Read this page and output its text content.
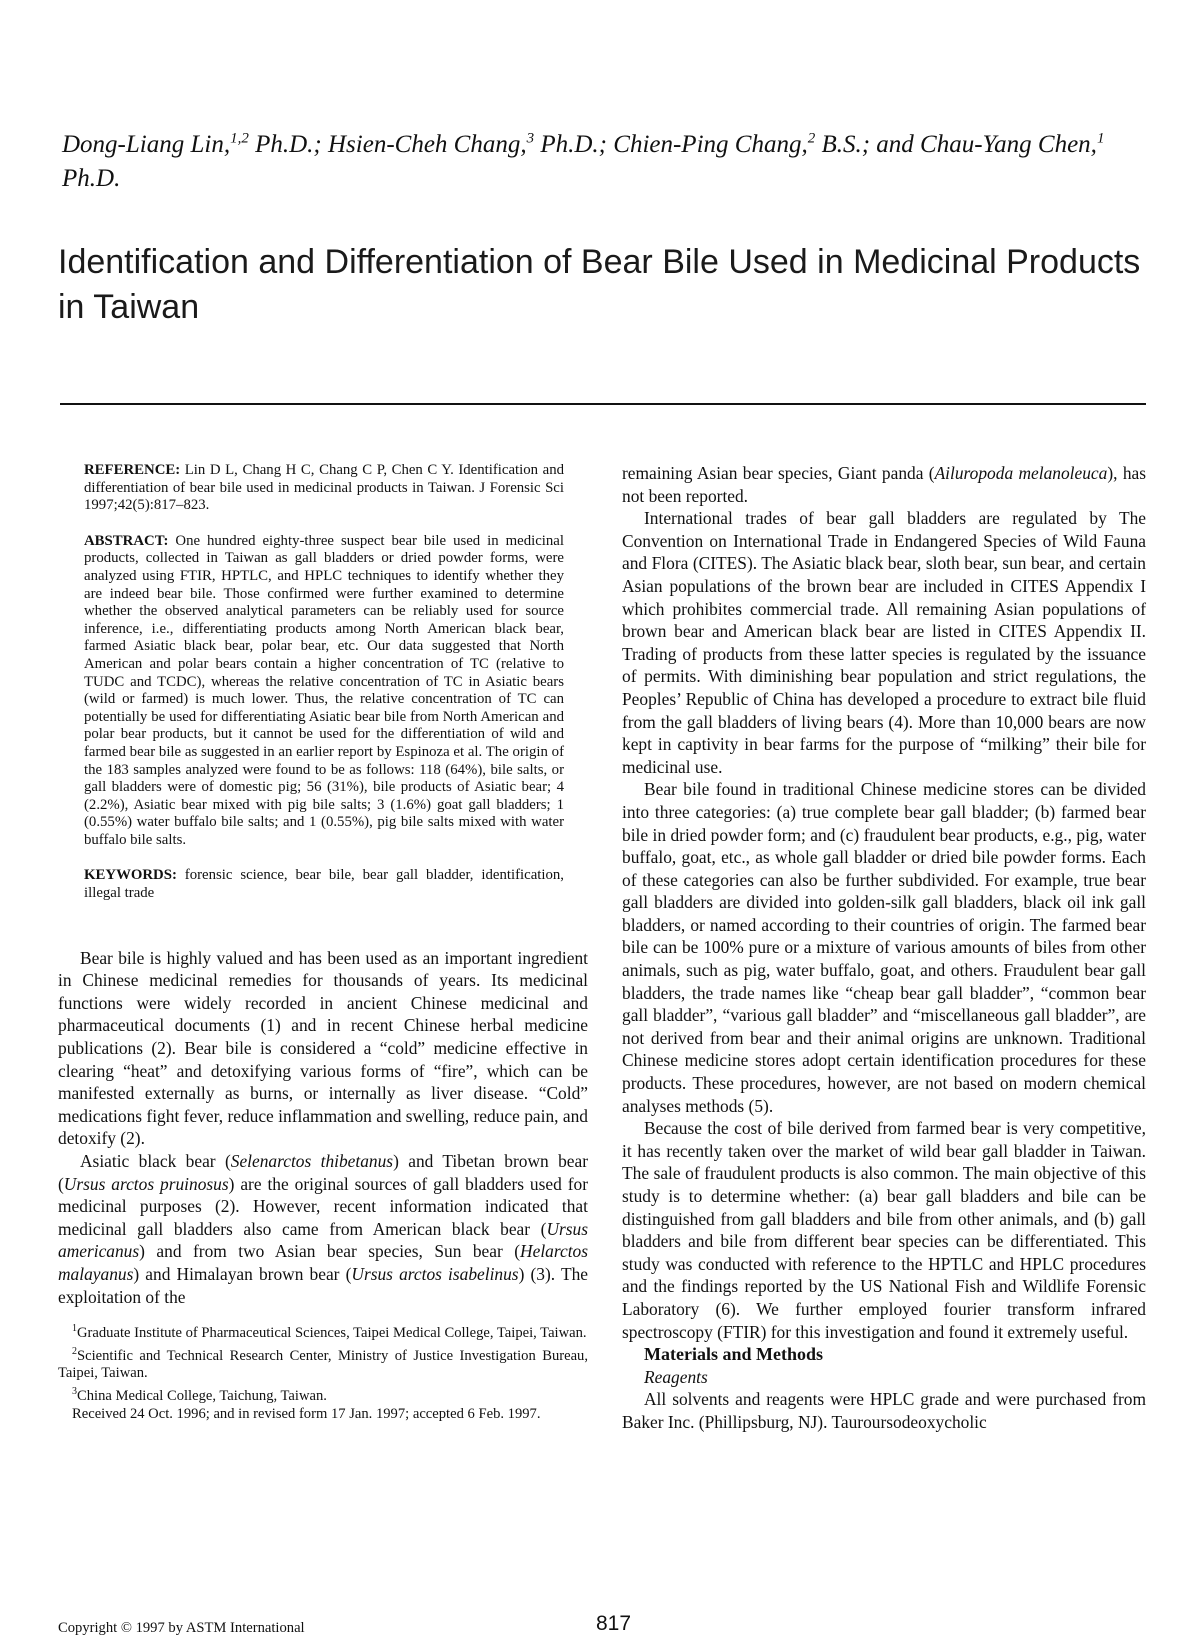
Dong-Liang Lin,$^{1,2}$ Ph.D.; Hsien-Cheh Chang,$^3$ Ph.D.; Chien-Ping Chang,$^2$ B.S.; and Chau-Yang Chen,$^1$ Ph.D.
Identification and Differentiation of Bear Bile Used in Medicinal Products in Taiwan

REFERENCE: Lin D L, Chang H C, Chang C P, Chen C Y. Identification and differentiation of bear bile used in medicinal products in Taiwan. J Forensic Sci 1997;42(5):817–823.

ABSTRACT: One hundred eighty-three suspect bear bile used in medicinal products, collected in Taiwan as gall bladders or dried powder forms, were analyzed using FTIR, HPTLC, and HPLC techniques to identify whether they are indeed bear bile. Those confirmed were further examined to determine whether the observed analytical parameters can be reliably used for source inference, i.e., differentiating products among North American black bear, farmed Asiatic black bear, polar bear, etc. Our data suggested that North American and polar bears contain a higher concentration of TC (relative to TUDC and TCDC), whereas the relative concentration of TC in Asiatic bears (wild or farmed) is much lower. Thus, the relative concentration of TC can potentially be used for differentiating Asiatic bear bile from North American and polar bear products, but it cannot be used for the differentiation of wild and farmed bear bile as suggested in an earlier report by Espinoza et al. The origin of the 183 samples analyzed were found to be as follows: 118 (64%), bile salts, or gall bladders were of domestic pig; 56 (31%), bile products of Asiatic bear; 4 (2.2%), Asiatic bear mixed with pig bile salts; 3 (1.6%) goat gall bladders; 1 (0.55%) water buffalo bile salts; and 1 (0.55%), pig bile salts mixed with water buffalo bile salts.

KEYWORDS: forensic science, bear bile, bear gall bladder, identification, illegal trade

Bear bile is highly valued and has been used as an important ingredient in Chinese medicinal remedies for thousands of years. Its medicinal functions were widely recorded in ancient Chinese medicinal and pharmaceutical documents (1) and in recent Chinese herbal medicine publications (2). Bear bile is considered a “cold” medicine effective in clearing “heat” and detoxifying various forms of “fire”, which can be manifested externally as burns, or internally as liver disease. “Cold” medications fight fever, reduce inflammation and swelling, reduce pain, and detoxify (2).

Asiatic black bear (Selenarctos thibetanus) and Tibetan brown bear (Ursus arctos pruinosus) are the original sources of gall bladders used for medicinal purposes (2). However, recent information indicated that medicinal gall bladders also came from American black bear (Ursus americanus) and from two Asian bear species, Sun bear (Helarctos malayanus) and Himalayan brown bear (Ursus arctos isabelinus) (3). The exploitation of the

$^1$Graduate Institute of Pharmaceutical Sciences, Taipei Medical College, Taipei, Taiwan.

$^2$Scientific and Technical Research Center, Ministry of Justice Investigation Bureau, Taipei, Taiwan.

$^3$China Medical College, Taichung, Taiwan.

Received 24 Oct. 1996; and in revised form 17 Jan. 1997; accepted 6 Feb. 1997.

remaining Asian bear species, Giant panda (Ailuropoda melanoleuca), has not been reported.

International trades of bear gall bladders are regulated by The Convention on International Trade in Endangered Species of Wild Fauna and Flora (CITES). The Asiatic black bear, sloth bear, sun bear, and certain Asian populations of the brown bear are included in CITES Appendix I which prohibites commercial trade. All remaining Asian populations of brown bear and American black bear are listed in CITES Appendix II. Trading of products from these latter species is regulated by the issuance of permits. With diminishing bear population and strict regulations, the Peoples’ Republic of China has developed a procedure to extract bile fluid from the gall bladders of living bears (4). More than 10,000 bears are now kept in captivity in bear farms for the purpose of “milking” their bile for medicinal use.

Bear bile found in traditional Chinese medicine stores can be divided into three categories: (a) true complete bear gall bladder; (b) farmed bear bile in dried powder form; and (c) fraudulent bear products, e.g., pig, water buffalo, goat, etc., as whole gall bladder or dried bile powder forms. Each of these categories can also be further subdivided. For example, true bear gall bladders are divided into golden-silk gall bladders, black oil ink gall bladders, or named according to their countries of origin. The farmed bear bile can be 100% pure or a mixture of various amounts of biles from other animals, such as pig, water buffalo, goat, and others. Fraudulent bear gall bladders, the trade names like “cheap bear gall bladder”, “common bear gall bladder”, “various gall bladder” and “miscellaneous gall bladder”, are not derived from bear and their animal origins are unknown. Traditional Chinese medicine stores adopt certain identification procedures for these products. These procedures, however, are not based on modern chemical analyses methods (5).

Because the cost of bile derived from farmed bear is very competitive, it has recently taken over the market of wild bear gall bladder in Taiwan. The sale of fraudulent products is also common. The main objective of this study is to determine whether: (a) bear gall bladders and bile can be distinguished from gall bladders and bile from other animals, and (b) gall bladders and bile from different bear species can be differentiated. This study was conducted with reference to the HPTLC and HPLC procedures and the findings reported by the US National Fish and Wildlife Forensic Laboratory (6). We further employed fourier transform infrared spectroscopy (FTIR) for this investigation and found it extremely useful.

Materials and Methods

Reagents

All solvents and reagents were HPLC grade and were purchased from Baker Inc. (Phillipsburg, NJ). Tauroursodeoxycholic

Copyright © 1997 by ASTM International	817
